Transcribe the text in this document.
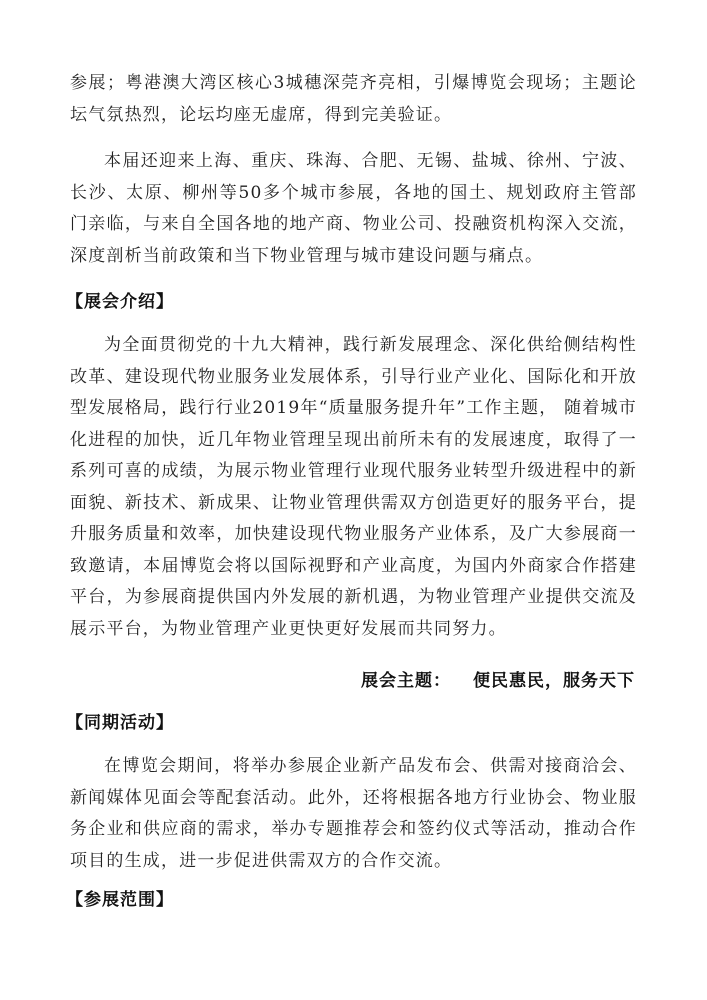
参展；粤港澳大湾区核心3城穗深莞齐亮相，引爆博览会现场；主题论坛气氛热烈，论坛均座无虚席，得到完美验证。

本届还迎来上海、重庆、珠海、合肥、无锡、盐城、徐州、宁波、长沙、太原、柳州等50多个城市参展，各地的国土、规划政府主管部门亲临，与来自全国各地的地产商、物业公司、投融资机构深入交流，深度剖析当前政策和当下物业管理与城市建设问题与痛点。

【展会介绍】

为全面贯彻党的十九大精神，践行新发展理念、深化供给侧结构性改革、建设现代物业服务业发展体系，引导行业产业化、国际化和开放型发展格局，践行行业2019年“质量服务提升年”工作主题， 随着城市化进程的加快，近几年物业管理呈现出前所未有的发展速度，取得了一系列可喜的成绩，为展示物业管理行业现代服务业转型升级进程中的新面貌、新技术、新成果、让物业管理供需双方创造更好的服务平台，提升服务质量和效率，加快建设现代物业服务产业体系，及广大参展商一致邀请，本届博览会将以国际视野和产业高度，为国内外商家合作搭建平台，为参展商提供国内外发展的新机遇，为物业管理产业提供交流及展示平台，为物业管理产业更快更好发展而共同努力。

展会主题： 便民惠民，服务天下
【同期活动】

在博览会期间，将举办参展企业新产品发布会、供需对接商洽会、新闻媒体见面会等配套活动。此外，还将根据各地方行业协会、物业服务企业和供应商的需求，举办专题推荐会和签约仪式等活动，推动合作项目的生成，进一步促进供需双方的合作交流。

【参展范围】
